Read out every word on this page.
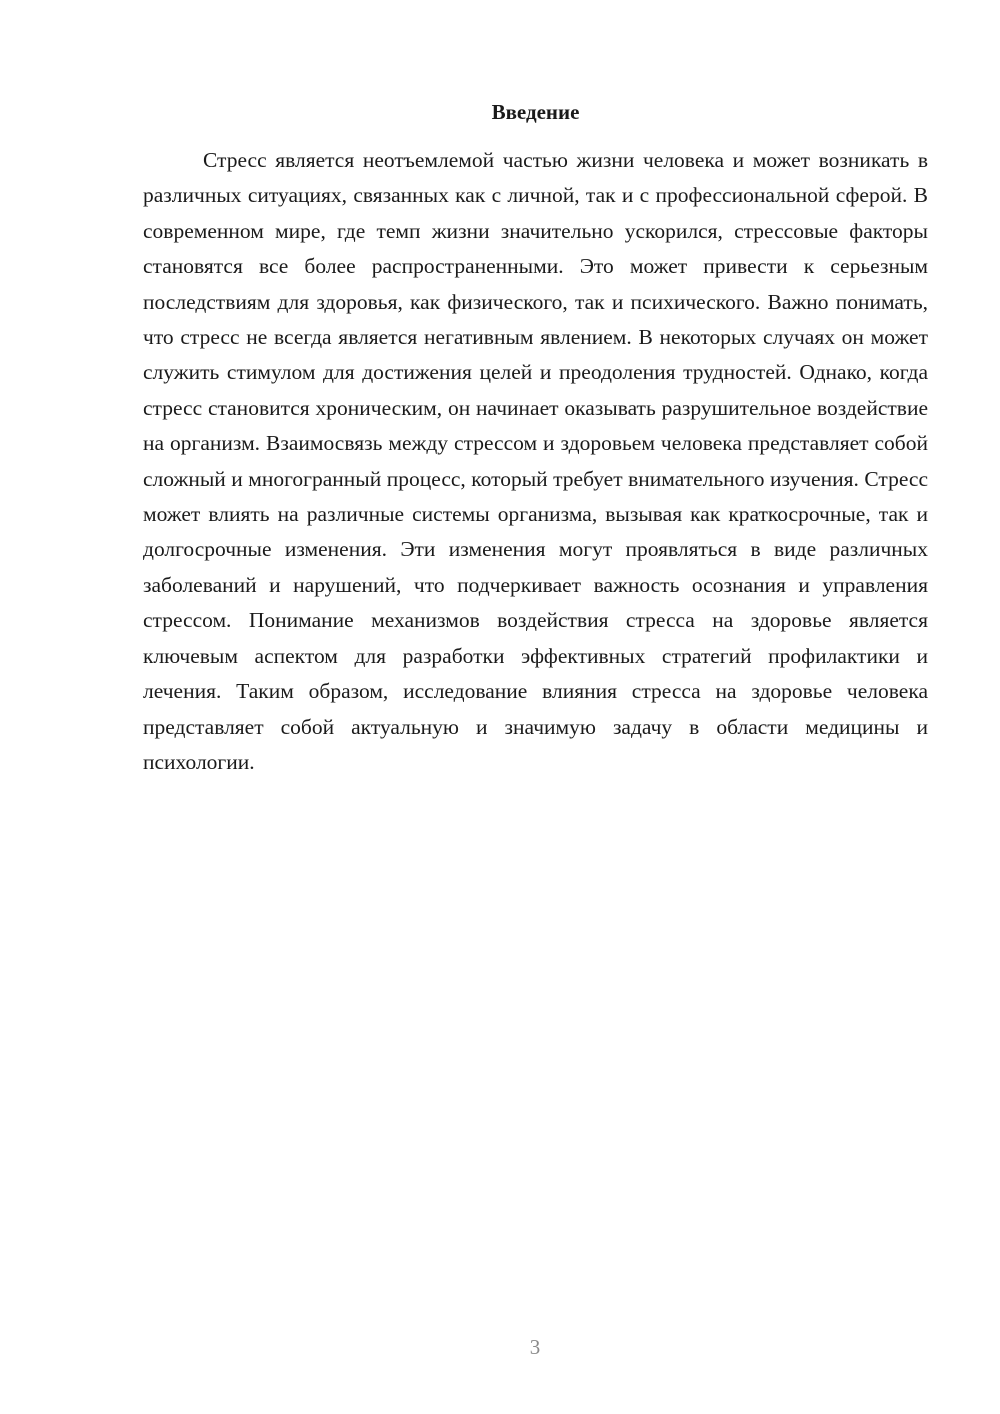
Введение

Стресс является неотъемлемой частью жизни человека и может возникать в различных ситуациях, связанных как с личной, так и с профессиональной сферой. В современном мире, где темп жизни значительно ускорился, стрессовые факторы становятся все более распространенными. Это может привести к серьезным последствиям для здоровья, как физического, так и психического. Важно понимать, что стресс не всегда является негативным явлением. В некоторых случаях он может служить стимулом для достижения целей и преодоления трудностей. Однако, когда стресс становится хроническим, он начинает оказывать разрушительное воздействие на организм. Взаимосвязь между стрессом и здоровьем человека представляет собой сложный и многогранный процесс, который требует внимательного изучения. Стресс может влиять на различные системы организма, вызывая как краткосрочные, так и долгосрочные изменения. Эти изменения могут проявляться в виде различных заболеваний и нарушений, что подчеркивает важность осознания и управления стрессом. Понимание механизмов воздействия стресса на здоровье является ключевым аспектом для разработки эффективных стратегий профилактики и лечения. Таким образом, исследование влияния стресса на здоровье человека представляет собой актуальную и значимую задачу в области медицины и психологии.

3
